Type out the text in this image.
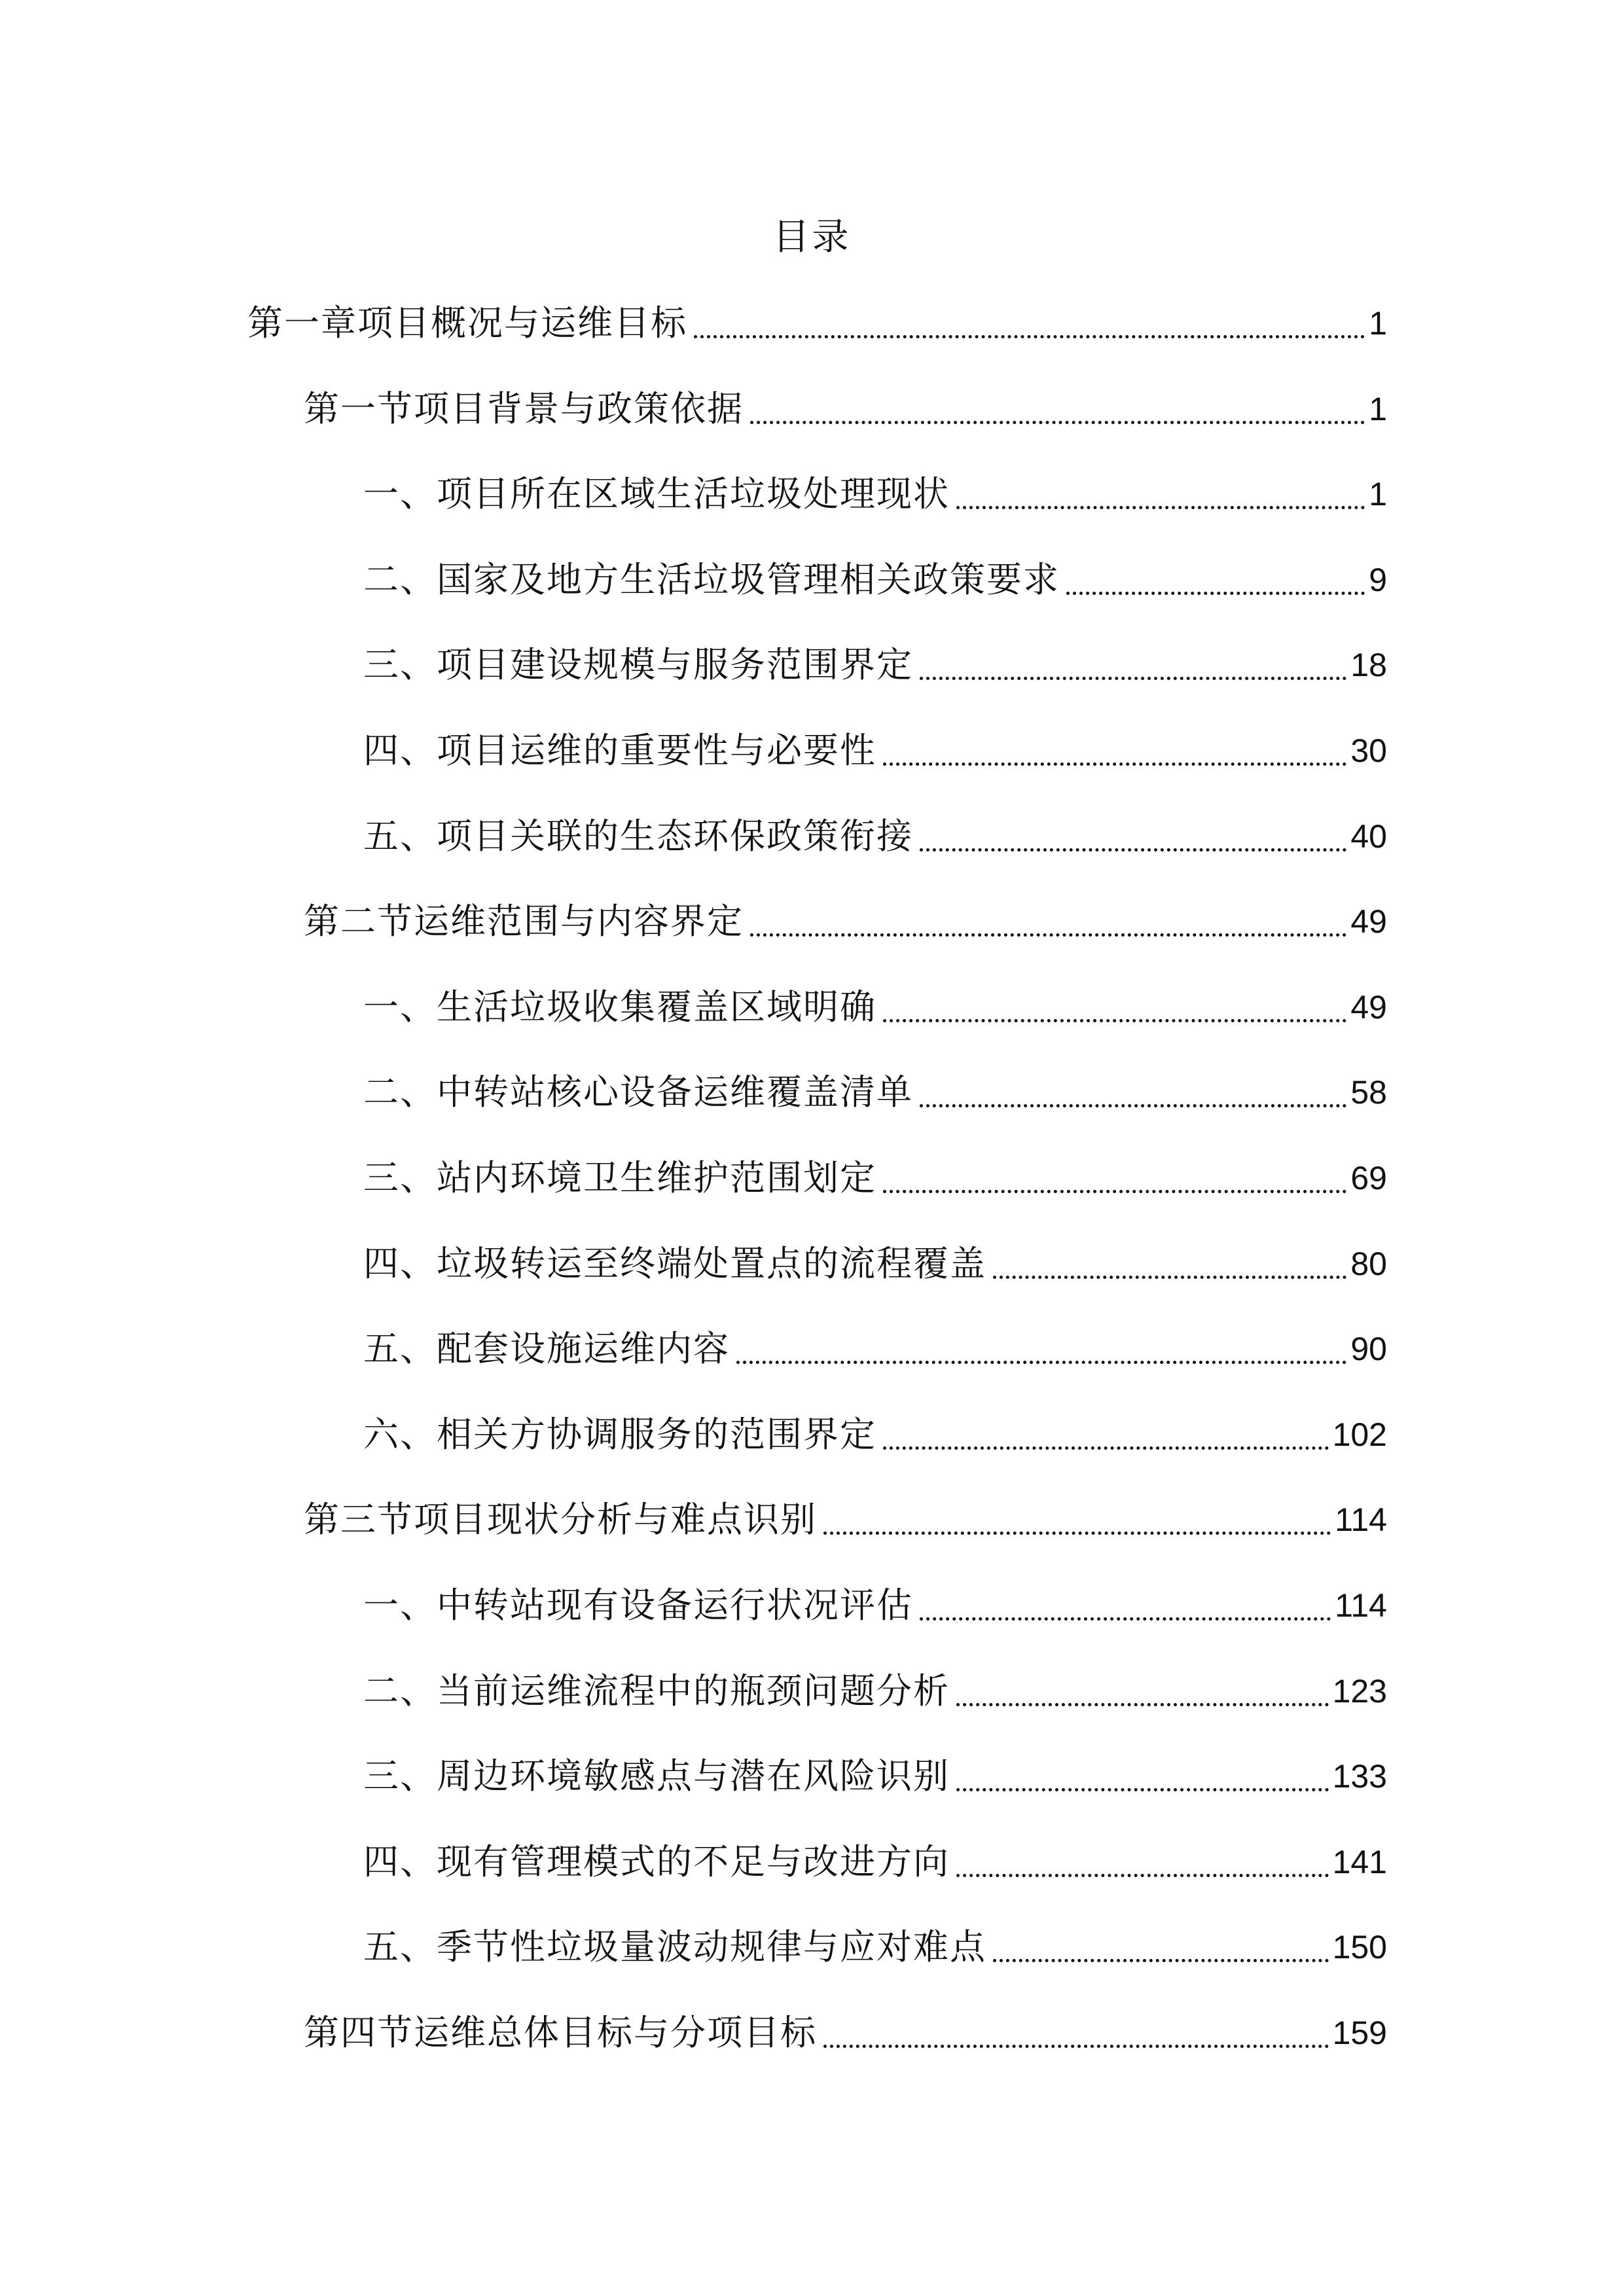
目录
第一章项目概况与运维目标	1
第一节项目背景与政策依据	1
一、项目所在区域生活垃圾处理现状	1
二、国家及地方生活垃圾管理相关政策要求	9
三、项目建设规模与服务范围界定	18
四、项目运维的重要性与必要性	30
五、项目关联的生态环保政策衔接	40
第二节运维范围与内容界定	49
一、生活垃圾收集覆盖区域明确	49
二、中转站核心设备运维覆盖清单	58
三、站内环境卫生维护范围划定	69
四、垃圾转运至终端处置点的流程覆盖	80
五、配套设施运维内容	90
六、相关方协调服务的范围界定	102
第三节项目现状分析与难点识别	114
一、中转站现有设备运行状况评估	114
二、当前运维流程中的瓶颈问题分析	123
三、周边环境敏感点与潜在风险识别	133
四、现有管理模式的不足与改进方向	141
五、季节性垃圾量波动规律与应对难点	150
第四节运维总体目标与分项目标	159
